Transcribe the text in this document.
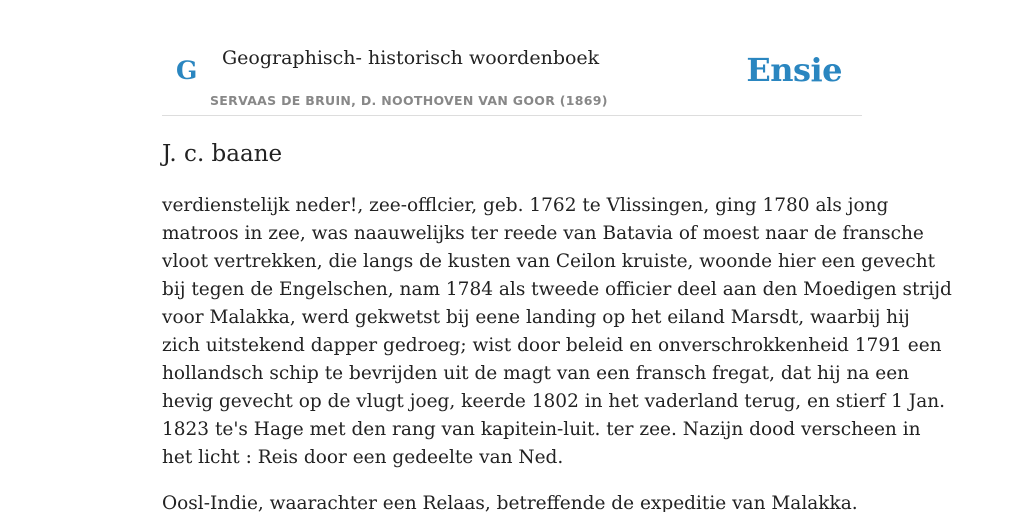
G Geographisch- historisch woordenboek
SERVAAS DE BRUIN, D. NOOTHOVEN VAN GOOR (1869)
Ensie
J. c. baane

verdienstelijk neder!, zee-offlcier, geb. 1762 te Vlissingen, ging 1780 als jong
matroos in zee, was naauwelijks ter reede van Batavia of moest naar de fransche
vloot vertrekken, die langs de kusten van Ceilon kruiste, woonde hier een gevecht
bij tegen de Engelschen, nam 1784 als tweede officier deel aan den Moedigen strijd
voor Malakka, werd gekwetst bij eene landing op het eiland Marsdt, waarbij hij
zich uitstekend dapper gedroeg; wist door beleid en onverschrokkenheid 1791 een
hollandsch schip te bevrijden uit de magt van een fransch fregat, dat hij na een
hevig gevecht op de vlugt joeg, keerde 1802 in het vaderland terug, en stierf 1 Jan.
1823 te's Hage met den rang van kapitein-luit. ter zee. Nazijn dood verscheen in
het licht : Reis door een gedeelte van Ned.

Oosl-Indie, waarachter een Relaas, betreffende de expeditie van Malakka.
